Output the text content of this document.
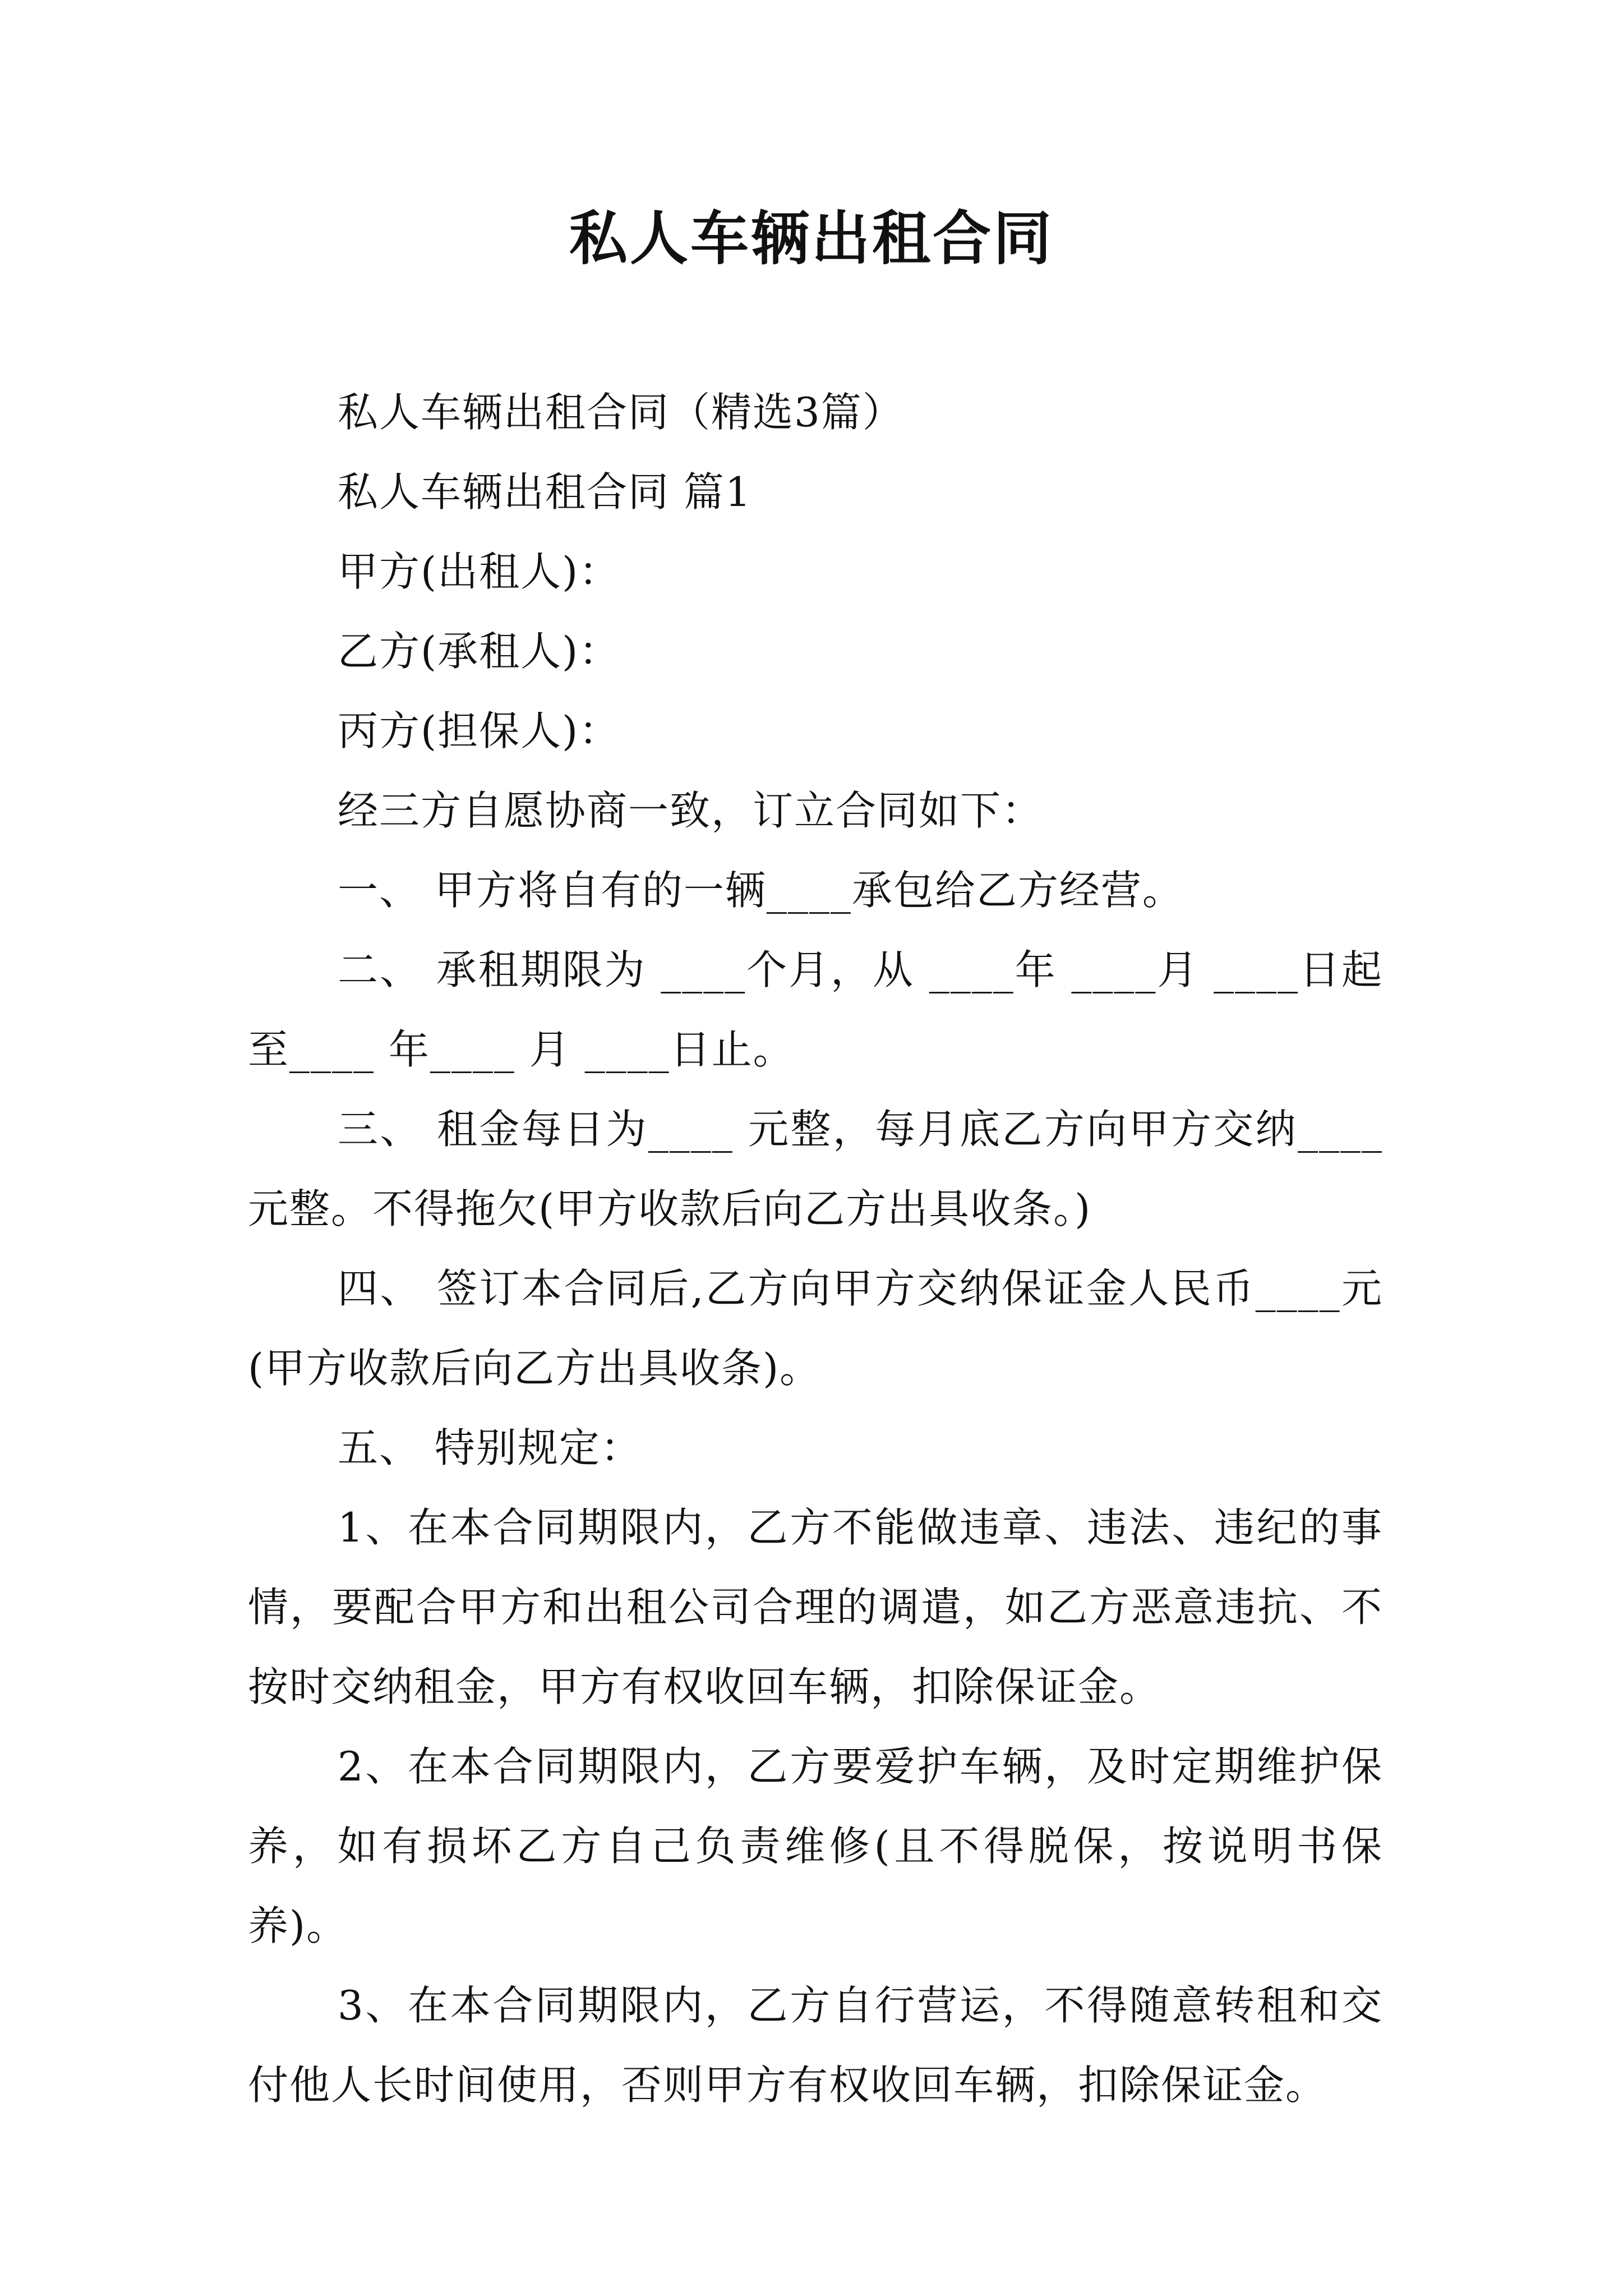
私人车辆出租合同

私人车辆出租合同（精选3篇）

私人车辆出租合同 篇1

甲方(出租人)：

乙方(承租人)：

丙方(担保人)：

经三方自愿协商一致，订立合同如下：

一、 甲方将自有的一辆____承包给乙方经营。

二、 承租期限为 ____个月，从 ____年 ____月 ____日起至____ 年____ 月 ____日止。

三、 租金每日为____ 元整，每月底乙方向甲方交纳____元整。不得拖欠(甲方收款后向乙方出具收条。)

四、 签订本合同后,乙方向甲方交纳保证金人民币____元(甲方收款后向乙方出具收条)。

五、 特别规定：

1、在本合同期限内，乙方不能做违章、违法、违纪的事情，要配合甲方和出租公司合理的调遣，如乙方恶意违抗、不按时交纳租金，甲方有权收回车辆，扣除保证金。

2、在本合同期限内，乙方要爱护车辆，及时定期维护保养，如有损坏乙方自己负责维修(且不得脱保，按说明书保养)。

3、在本合同期限内，乙方自行营运，不得随意转租和交付他人长时间使用，否则甲方有权收回车辆，扣除保证金。
